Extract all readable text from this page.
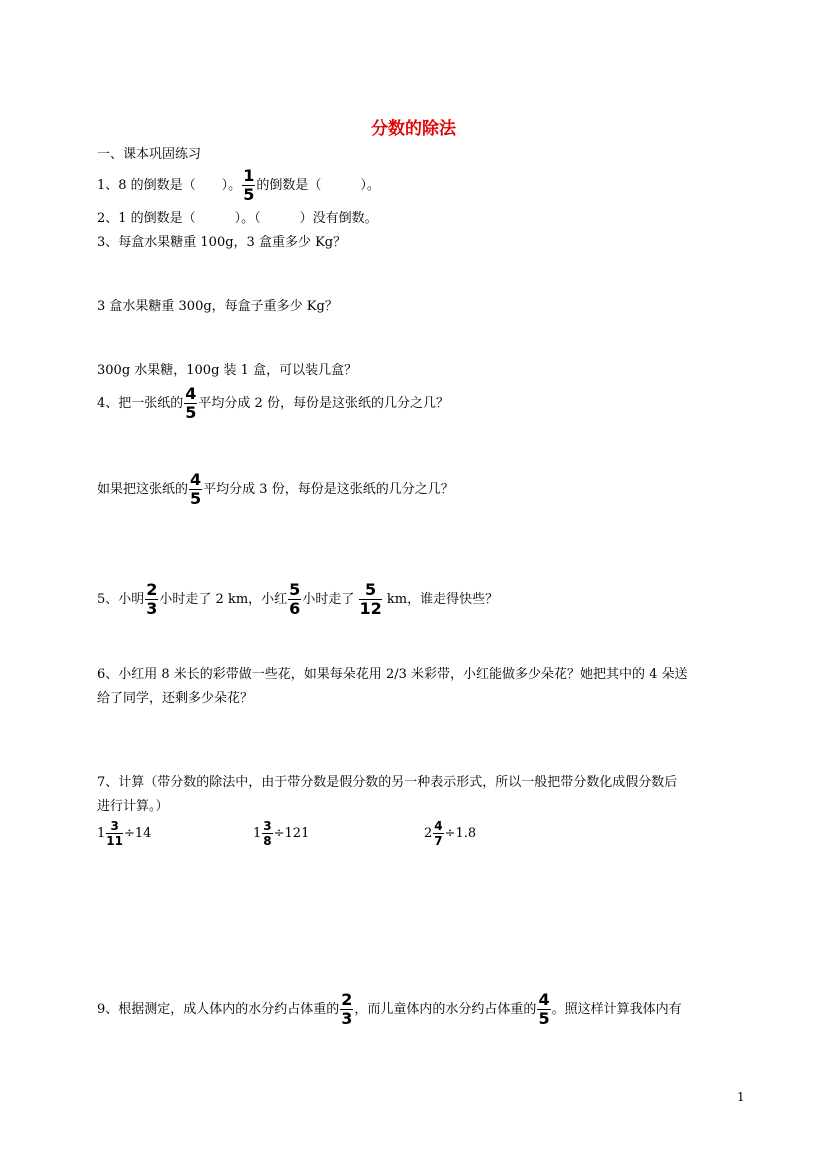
分数的除法
一、课本巩固练习
1、8 的倒数是（　　）。 $\frac{1}{5}$ 的倒数是（　　　）。
2、1 的倒数是（　　　）。（　　　）没有倒数。
3、每盒水果糖重 100g，3 盒重多少 Kg？
3 盒水果糖重 300g，每盒子重多少 Kg？
300g 水果糖，100g 装 1 盒，可以装几盒？
4、把一张纸的 $\frac{4}{5}$ 平均分成 2 份，每份是这张纸的几分之几？
如果把这张纸的 $\frac{4}{5}$ 平均分成 3 份，每份是这张纸的几分之几？
5、小明 $\frac{2}{3}$ 小时走了 2 km，小红 $\frac{5}{6}$ 小时走了 $\frac{5}{12}$ km，谁走得快些？
6、小红用 8 米长的彩带做一些花，如果每朵花用 2/3 米彩带，小红能做多少朵花？她把其中的 4 朵送
给了同学，还剩多少朵花？
7、计算（带分数的除法中，由于带分数是假分数的另一种表示形式，所以一般把带分数化成假分数后
进行计算。）
$1 \frac{3}{11} \div 14$	$1 \frac{3}{8} \div 121$	$2 \frac{4}{7} \div 1.8$
9、根据测定，成人体内的水分约占体重的 $\frac{2}{3}$ ，而儿童体内的水分约占体重的 $\frac{4}{5}$ 。照这样计算我体内有
1
